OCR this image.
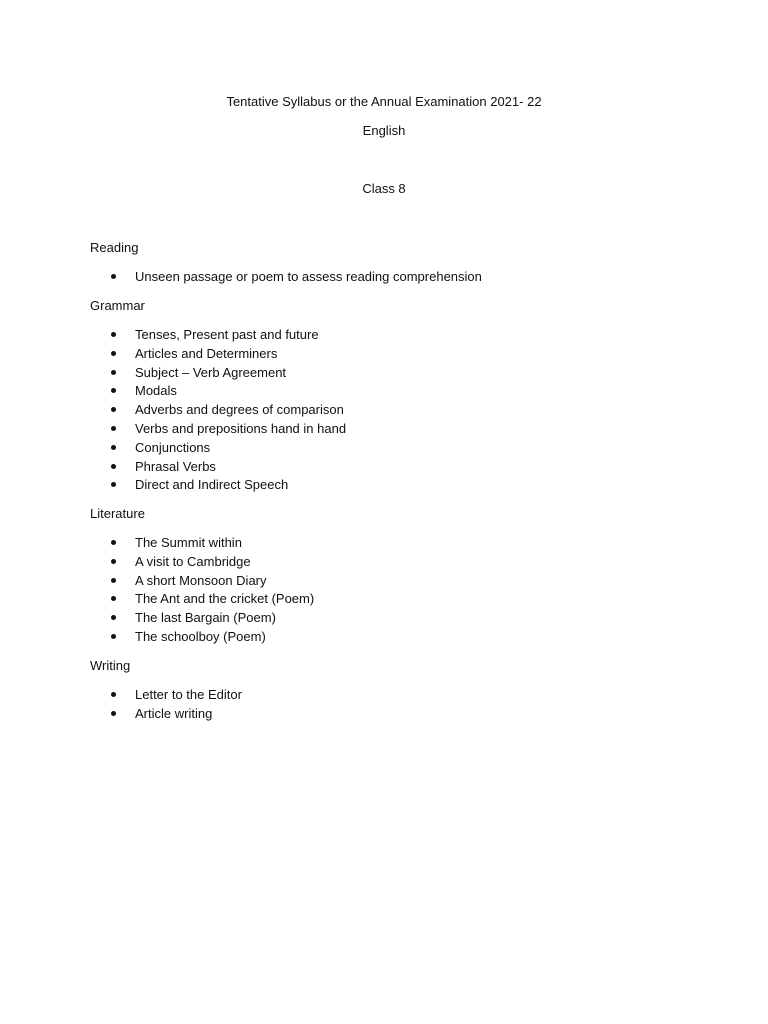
Tentative Syllabus or the Annual Examination 2021- 22
English
Class 8

Reading

Unseen passage or poem to assess reading comprehension

Grammar

Tenses, Present past and future
Articles and Determiners
Subject – Verb Agreement
Modals
Adverbs and degrees of comparison
Verbs and prepositions hand in hand
Conjunctions
Phrasal Verbs
Direct and Indirect Speech

Literature

The Summit within
A visit to Cambridge
A short Monsoon Diary
The Ant and the cricket (Poem)
The last Bargain (Poem)
The schoolboy (Poem)

Writing

Letter to the Editor
Article writing
